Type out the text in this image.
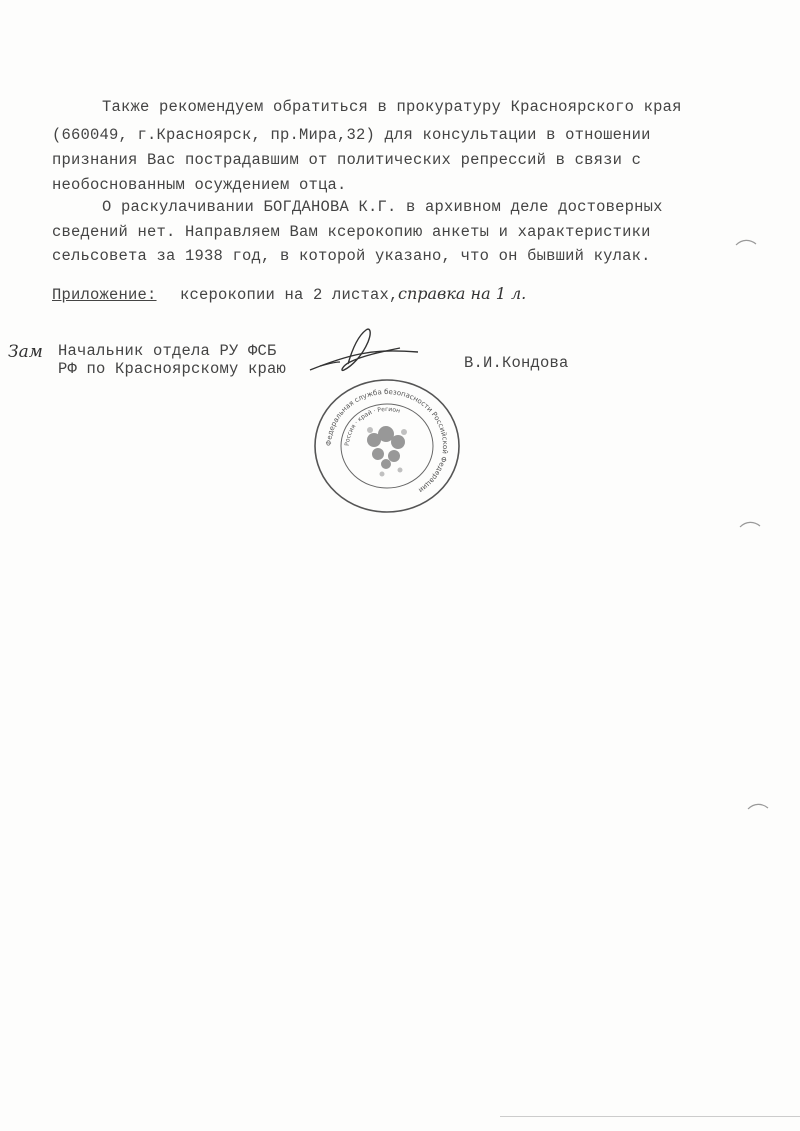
Также рекомендуем обратиться в прокуратуру Красноярского края
(660049, г.Красноярск, пр.Мира,32) для консультации в отношении
признания Вас пострадавшим от политических репрессий в связи с
необоснованным осуждением отца.
О раскулачивании БОГДАНОВА К.Г. в архивном деле достоверных
сведений нет. Направляем Вам ксерокопию анкеты и характеристики
сельсовета за 1938 год, в которой указано, что он бывший кулак.
Приложение: ксерокопии на 2 листах, справка на 1 л.
Зам Начальник отдела РУ ФСБ
РФ по Красноярскому краю	В.И.Кондова
Федеральная служба безопасности Российской Федерации
Россия · край · Регион
